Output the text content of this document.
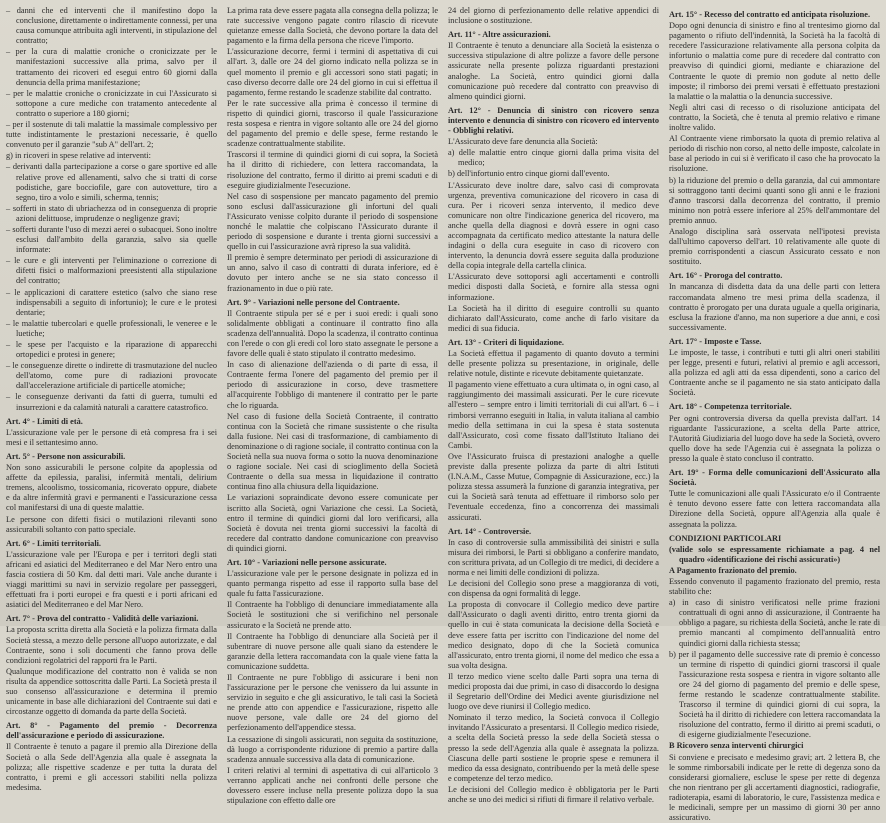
– danni che ed interventi che il manifestino dopo la conclusione, direttamente o indirettamente connessi, per una causa comunque attribuita agli interventi, in stipulazione del contratto;
– per la cura di malattie croniche o cronicizzate per le manifestazioni successive alla prima, salvo per il trattamento dei ricoveri ed esegui entro 60 giorni dalla denuncia della prima manifestazione;
– per le malattie croniche o cronicizzate in cui l'Assicurato si sottopone a cure mediche con tratamento antecedente al contratto o superiore a 180 giorni;
– per il sostenute di tali malattie la massimale complessivo per tutte indistintamente le prestazioni necessarie, è quello convenuto per il garanzie "sub A" dell'art. 2;
g) in ricoveri in spese relative ad interventi:
– derivanti dalla partecipazione a corse o gare sportive ed alle relative prove ed allenamenti, salvo che si tratti di corse podistiche, gare bocciofile, gare con autovetture, tiro a segno, tiro a volo e simili, scherma, tennis;
– sofferti in stato di ubriachezza od in conseguenza di proprie azioni delittuose, imprudenze o negligenze gravi;
– sofferti durante l'uso di mezzi aerei o subacquei. Sono inoltre esclusi dall'ambito della garanzia, salvo sia quelle informate:
– le cure e gli interventi per l'eliminazione o correzione di difetti fisici o malformazioni preesistenti alla stipulazione del contratto;
– le applicazioni di carattere estetico (salvo che siano rese indispensabili a seguito di infortunio); le cure e le protesi dentarie;
– le malattie tubercolari e quelle professionali, le veneree e le luetiche;
– le spese per l'acquisto e la riparazione di apparecchi ortopedici e protesi in genere;
– le conseguenze dirette o indirette di trasmutazione del nucleo dell'atomo, come pure di radiazioni provocate dall'accelerazione artificiale di particelle atomiche;
– le conseguenze derivanti da fatti di guerra, tumulti ed insurrezioni e da calamità naturali a carattere catastrofico.
Art. 4° - Limiti di età.
L'assicurazione vale per le persone di età compresa fra i sei mesi e il settantesimo anno.
Art. 5° - Persone non assicurabili.
Non sono assicurabili le persone colpite da apoplessia od affette da epilessia, paralisi, infermità mentali, delirium tremens, alcoolismo, tossicomania, ricoverato oppure, diabete e da altre infermità gravi e permanenti e l'assicurazione cessa col manifestarsi di una di queste malattie.
Le persone con difetti fisici o mutilazioni rilevanti sono assicurabili soltanto con patto speciale.
Art. 6° - Limiti territoriali.
L'assicurazione vale per l'Europa e per i territori degli stati africani ed asiatici del Mediterraneo e del Mar Nero entro una fascia costiera di 50 Km. dal detti mari. Vale anche durante i viaggi marittimi su navi in servizio regolare per passeggeri, effettuati fra i porti europei e fra questi e i porti africani ed asiatici del Mediterraneo e del Mar Nero.
Art. 7° - Prova del contratto - Validità delle variazioni.
La proposta scritta diretta alla Società e la polizza firmata dalla Società stessa, a mezzo delle persone all'uopo autorizzate, e dal Contraente, sono i soli documenti che fanno prova delle condizioni regolatrici del rapporti fra le Parti.
Qualunque modificazione del contratto non è valida se non risulta da appendice sottoscritta dalle Parti. La Società presta il suo consenso all'assicurazione e determina il premio unicamente in base alle dichiarazioni del Contraente sui dati e circostanze oggetto di domanda da parte della Società.
Art. 8° - Pagamento del premio - Decorrenza dell'assicurazione e periodo di assicurazione.
Il Contraente è tenuto a pagare il premio alla Direzione della Società o alla Sede dell'Agenzia alla quale è assegnata la polizza; alle rispettive scadenze e per tutta la durata del contratto, i premi e gli accessori stabiliti nella polizza medesima.
La prima rata deve essere pagata alla consegna della polizza; le rate successive vengono pagate contro rilascio di ricevute quietanze emesse dalla Società, che devono portare la data del pagamento e la firma della persona che riceve l'importo.
L'assicurazione decorre, fermi i termini di aspettativa di cui all'art. 3, dalle ore 24 del giorno indicato nella polizza se in quel momento il premio e gli accessori sono stati pagati; in caso diverso decorre dalle ore 24 del giorno in cui si effettua il pagamento, ferme restando le scadenze stabilite dal contratto.
Per le rate successive alla prima è concesso il termine di rispetto di quindici giorni, trascorso il quale l'assicurazione resta sospesa e rientra in vigore soltanto alle ore 24 del giorno del pagamento del premio e delle spese, ferme restando le scadenze contrattualmente stabilite.
Trascorsi il termine di quindici giorni di cui sopra, la Società ha il diritto di richiedere, con lettera raccomandata, la risoluzione del contratto, fermo il diritto ai premi scaduti e di eseguire giudizialmente l'esecuzione.
Nel caso di sospensione per mancato pagamento del premio sono esclusi dall'assicurazione gli infortuni del quali l'Assicurato venisse colpito durante il periodo di sospensione nonché le malattie che colpiscano l'Assicurato durante il periodo di sospensione e durante i trenta giorni successivi a quello in cui l'assicurazione avrà ripreso la sua validità.
Il premio è sempre determinato per periodi di assicurazione di un anno, salvo il caso di contratti di durata inferiore, ed è dovuto per intero anche se ne sia stato concesso il frazionamento in due o più rate.
Art. 9° - Variazioni nelle persone del Contraente.
Il Contraente stipula per sé e per i suoi eredi: i quali sono solidalmente obbligati a continuare il contratto fino alla scadenza dell'annualità. Dopo la scadenza, il contratto continua con l'erede o con gli eredi col loro stato assegnate le persone a favore delle quali è stato stipulato il contratto medesimo.
In caso di alienazione dell'azienda o di parte di essa, il Contraente ferma l'onere del pagamento del premio per il periodo di assicurazione in corso, deve trasmettere all'acquirente l'obbligo di mantenere il contratto per le parte che lo riguarda.
Nel caso di fusione della Società Contraente, il contratto continua con la Società che rimane sussistente o che risulta dalla fusione. Nei casi di trasformazione, di cambiamento di denominazione o di ragione sociale, il contratto continua con la Società nella sua nuova forma o sotto la nuova denominazione o ragione sociale. Nei casi di scioglimento della Società Contraente o della sua messa in liquidazione il contratto continua fino alla chiusura della liquidazione.
Le variazioni sopraindicate devono essere comunicate per iscritto alla Società, ogni Variazione che cessi. La Società, entro il termine di quindici giorni dal loro verificarsi, alla Società è dovuta nei trenta giorni successivi la facoltà di recedere dal contratto dandone comunicazione con preavviso di quindici giorni.
Art. 10° - Variazioni nelle persone assicurate.
L'assicurazione vale per le persone designate in polizza ed in quanto permanga rispetto ad esse il rapporto sulla base del quale fu fatta l'assicurazione.
Il Contraente ha l'obbligo di denunciare immediatamente alla Società le sostituzioni che si verifichino nel personale assicurato e la Società ne prende atto.
Il Contraente ha l'obbligo di denunciare alla Società per il subentrare di nuove persone alle quali siano da estendere le garanzie della lettera raccomandata con la quale viene fatta la comunicazione suddetta.
Il Contraente ne pure l'obbligo di assicurare i beni non l'assicurazione per le persone che venissero da lui assunte in servizio in seguito e che gli assicurativo, le tali casi la Società ne prende atto con appendice e l'assicurazione, rispetto alle nuove persone, vale dalle ore 24 del giorno del perfezionamento dell'appendice stessa.
La cessazione di singoli assicurati, non seguita da sostituzione, dà luogo a corrispondente riduzione di premio a partire dalla scadenza annuale successiva alla data di comunicazione.
I criteri relativi al termini di aspettativa di cui all'articolo 3 verranno applicati anche nei confronti delle persone che dovessero essere incluse nella presente polizza dopo la sua stipulazione con effetto dalle ore
24 del giorno di perfezionamento delle relative appendici di inclusione o sostituzione.
Art. 11° - Altre assicurazioni.
Il Contraente è tenuto a denunciare alla Società la esistenza o successiva stipulazione di altre polizze a favore delle persone assicurate nella presente polizza riguardanti prestazioni analoghe. La Società, entro quindici giorni dalla comunicazione può recedere dal contratto con preavviso di almeno quindici giorni.
Art. 12° - Denuncia di sinistro con ricovero senza intervento e denuncia di sinistro con ricovero ed intervento - Obblighi relativi.
L'Assicurato deve fare denuncia alla Società:
a) delle malattie entro cinque giorni dalla prima visita del medico;
b) dell'infortunio entro cinque giorni dall'evento.
L'Assicurato deve inoltre dare, salvo casi di comprovata urgenza, preventiva comunicazione del ricovero in casa di cura. Per i ricoveri senza intervento, il medico deve comunicare non oltre l'indicazione generica del ricovero, ma anche quella della diagnosi e dovrà essere in ogni caso accompagnata da certificato medico attestante la natura delle indagini o della cura eseguite in caso di ricovero con intervento, la denuncia dovrà essere seguita dalla produzione della copia integrale della cartella clinica.
L'Assicurato deve sottoporsi agli accertamenti e controlli medici disposti dalla Società, e fornire alla stessa ogni informazione.
La Società ha il diritto di eseguire controlli su quanto dichiarato dall'Assicurato, come anche di farlo visitare da medici di sua fiducia.
Art. 13° - Criteri di liquidazione.
La Società effettua il pagamento di quanto dovuto a termini delle presente polizza su presentazione, in originale, delle relative notule, distinte e ricevute debitamente quietanzate.
Il pagamento viene effettuato a cura ultimata o, in ogni caso, al raggiungimento dei massimali assicurati. Per le cure ricevute all'estero – sempre entro i limiti territoriali di cui all'art. 6 – i rimborsi verranno eseguiti in Italia, in valuta italiana al cambio medio della settimana in cui la spesa è stata sostenuta dall'Assicurato, così come fissato dall'Istituto Italiano dei Cambi.
Ove l'Assicurato fruisca di prestazioni analoghe a quelle previste dalla presente polizza da parte di altri Istituti (I.N.A.M., Casse Mutue, Compagnie di Assicurazione, ecc.) la polizza stessa assumerà la funzione di garanzia integrativa, per cui la Società sarà tenuta ad effettuare il rimborso solo per l'eventuale eccedenza, fino a concorrenza dei massimali assicurati.
Art. 14° - Controversie.
In caso di controversie sulla ammissibilità dei sinistri e sulla misura dei rimborsi, le Parti si obbligano a conferire mandato, con scrittura privata, ad un Collegio di tre medici, di decidere a norma e nei limiti delle condizioni di polizza.
Le decisioni del Collegio sono prese a maggioranza di voti, con dispensa da ogni formalità di legge.
La proposta di convocare il Collegio medico deve partire dall'Assicurato o dagli aventi diritto, entro trenta giorni da quello in cui è stata comunicata la decisione della Società e deve essere fatta per iscritto con l'indicazione del nome del medico designato, dopo di che la Società comunica all'assicurato, entro trenta giorni, il nome del medico che essa a sua volta designa.
Il terzo medico viene scelto dalle Parti sopra una terna di medici proposta dai due primi, in caso di disaccordo lo designa il Segretario dell'Ordine dei Medici avente giurisdizione nel luogo ove deve riunirsi il Collegio medico.
Nominato il terzo medico, la Società convoca il Collegio invitando l'Assicurato a presentarsi. Il Collegio medico risiede, a scelta della Società presso la sede della Società stessa o presso la sede dell'Agenzia alla quale è assegnata la polizza. Ciascuna delle parti sostiene le proprie spese e remunera il medico da essa designato, contribuendo per la metà delle spese e competenze del terzo medico.
Le decisioni del Collegio medico è obbligatoria per le Parti anche se uno dei medici si rifiuti di firmare il relativo verbale.
Art. 15° - Recesso del contratto ed anticipata risoluzione.
Dopo ogni denuncia di sinistro e fino al trentesimo giorno dal pagamento o rifiuto dell'indennità, la Società ha la facoltà di recedere l'assicurazione relativamente alla persona colpita da infortunio o malattia come pure di recedere dal contratto con preavviso di quindici giorni, mediante e chiarazione del Contraente le quote di premio non godute al netto delle imposte; il rimborso dei premi versati è effettuato prestazioni la malattie o la malattia o la denuncia successive.
Negli altri casi di recesso o di risoluzione anticipata del contratto, la Società, che è tenuta al premio relativo e rimane inoltre valido.
Al Contraente viene rimborsato la quota di premio relativa al periodo di rischio non corso, al netto delle imposte, calcolate in base al periodo in cui si è verificato il caso che ha provocato la risoluzione.
b) la riduzione del premio o della garanzia, dal cui ammontare si sottraggono tanti decimi quanti sono gli anni e le frazioni d'anno trascorsi dalla decorrenza del contratto, il premio minimo non potrà essere inferiore al 25% dell'ammontare del premio annuo.
Analogo disciplina sarà osservata nell'ipotesi prevista dall'ultimo capoverso dell'art. 10 relativamente alle quote di premio corrispondenti a ciascun Assicurato cessato e non sostituito.
Art. 16° - Proroga del contratto.
In mancanza di disdetta data da una delle parti con lettera raccomandata almeno tre mesi prima della scadenza, il contratto è prorogato per una durata uguale a quella originaria, esclusa la frazione d'anno, ma non superiore a due anni, e così successivamente.
Art. 17° - Imposte e Tasse.
Le imposte, le tasse, i contributi e tutti gli altri oneri stabiliti per legge, presenti e futuri, relativi al premio e agli accessori, alla polizza ed agli atti da essa dipendenti, sono a carico del Contraente anche se il pagamento ne sia stato anticipato dalla Società.
Art. 18° - Competenza territoriale.
Per ogni controversia diversa da quella prevista dall'art. 14 riguardante l'assicurazione, a scelta della Parte attrice, l'Autorità Giudiziaria del luogo dove ha sede la Società, ovvero quello dove ha sede l'Agenzia cui è assegnata la polizza o presso la quale è stato concluso il contratto.
Art. 19° - Forma delle comunicazioni dell'Assicurato alla Società.
Tutte le comunicazioni alle quali l'Assicurato e/o il Contraente è tenuto devono essere fatte con lettera raccomandata alla Direzione della Società, oppure all'Agenzia alla quale è assegnata la polizza.
CONDIZIONI PARTICOLARI
(valide solo se espressamente richiamate a pag. 4 nel quadro «identificazione dei rischi assicurati»)
A Pagamento frazionato del premio.
Essendo convenuto il pagamento frazionato del premio, resta stabilito che:
a) in caso di sinistro verificatosi nelle prime frazioni contrattuali di ogni anno di assicurazione, il Contraente ha obbligo a pagare, su richiesta della Società, anche le rate di premio mancanti al compimento dell'annualità entro quindici giorni dalla richiesta stessa;
b) per il pagamento delle successive rate di premio è concesso un termine di rispetto di quindici giorni trascorsi il quale l'assicurazione resta sospesa e rientra in vigore soltanto alle ore 24 del giorno di pagamento del premio e delle spese, ferme restando le scadenze contrattualmente stabilite. Trascorso il termine di quindici giorni di cui sopra, la Società ha il diritto di richiedere con lettera raccomandata la risoluzione del contratto, fermo il diritto ai premi scaduti, o di esigerne giudizialmente l'esecuzione.
B Ricovero senza interventi chirurgici
Si conviene e precisato e medesimo gravi; art. 2 lettera B, che le somme rimborsabili indicate per le rette di degenza sono da considerarsi giornaliere, escluse le spese per rette di degenza che non rientrano per gli accertamenti diagnostici, radiografie, radioterapia, esami di laboratorio, le cure, l'assistenza medica e le medicinali, sempre per un massimo di giorni 30 per anno assicurativo.
